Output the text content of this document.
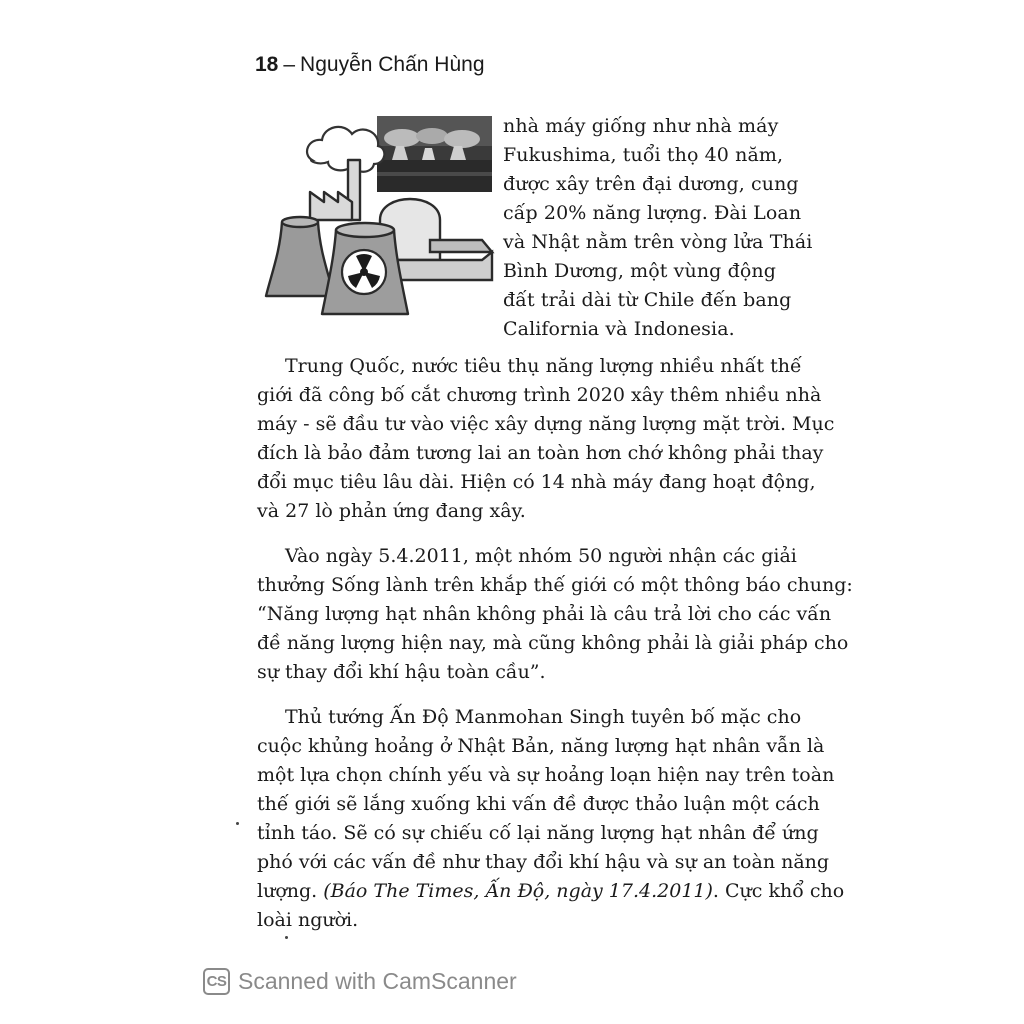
18 – Nguyễn Chấn Hùng
nhà máy giống như nhà máy
Fukushima, tuổi thọ 40 năm,
được xây trên đại dương, cung
cấp 20% năng lượng. Đài Loan
và Nhật nằm trên vòng lửa Thái
Bình Dương, một vùng động
đất trải dài từ Chile đến bang
California và Indonesia.
Trung Quốc, nước tiêu thụ năng lượng nhiều nhất thế
giới đã công bố cắt chương trình 2020 xây thêm nhiều nhà
máy - sẽ đầu tư vào việc xây dựng năng lượng mặt trời. Mục
đích là bảo đảm tương lai an toàn hơn chớ không phải thay
đổi mục tiêu lâu dài. Hiện có 14 nhà máy đang hoạt động,
và 27 lò phản ứng đang xây.
Vào ngày 5.4.2011, một nhóm 50 người nhận các giải
thưởng Sống lành trên khắp thế giới có một thông báo chung:
“Năng lượng hạt nhân không phải là câu trả lời cho các vấn
đề năng lượng hiện nay, mà cũng không phải là giải pháp cho
sự thay đổi khí hậu toàn cầu”.
Thủ tướng Ấn Độ Manmohan Singh tuyên bố mặc cho
cuộc khủng hoảng ở Nhật Bản, năng lượng hạt nhân vẫn là
một lựa chọn chính yếu và sự hoảng loạn hiện nay trên toàn
thế giới sẽ lắng xuống khi vấn đề được thảo luận một cách
tỉnh táo. Sẽ có sự chiếu cố lại năng lượng hạt nhân để ứng
phó với các vấn đề như thay đổi khí hậu và sự an toàn năng
lượng. (Báo The Times, Ấn Độ, ngày 17.4.2011). Cực khổ cho
loài người.
CS Scanned with CamScanner
